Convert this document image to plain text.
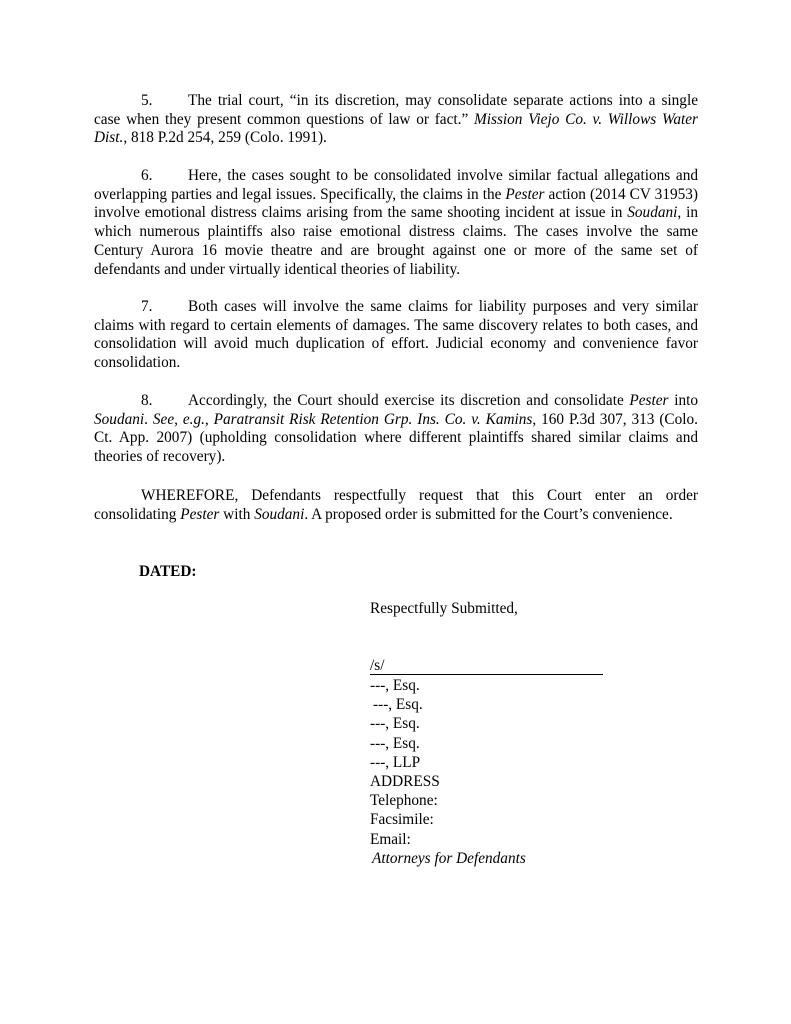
5. The trial court, “in its discretion, may consolidate separate actions into a single case when they present common questions of law or fact.” Mission Viejo Co. v. Willows Water Dist., 818 P.2d 254, 259 (Colo. 1991).

6. Here, the cases sought to be consolidated involve similar factual allegations and overlapping parties and legal issues. Specifically, the claims in the Pester action (2014 CV 31953) involve emotional distress claims arising from the same shooting incident at issue in Soudani, in which numerous plaintiffs also raise emotional distress claims. The cases involve the same Century Aurora 16 movie theatre and are brought against one or more of the same set of defendants and under virtually identical theories of liability.

7. Both cases will involve the same claims for liability purposes and very similar claims with regard to certain elements of damages. The same discovery relates to both cases, and consolidation will avoid much duplication of effort. Judicial economy and convenience favor consolidation.

8. Accordingly, the Court should exercise its discretion and consolidate Pester into Soudani. See, e.g., Paratransit Risk Retention Grp. Ins. Co. v. Kamins, 160 P.3d 307, 313 (Colo. Ct. App. 2007) (upholding consolidation where different plaintiffs shared similar claims and theories of recovery).

WHEREFORE, Defendants respectfully request that this Court enter an order consolidating Pester with Soudani. A proposed order is submitted for the Court’s convenience.

DATED:

Respectfully Submitted,
/s/
---, Esq.
---, Esq.
---, Esq.
---, Esq.
---, LLP
ADDRESS
Telephone:
Facsimile:
Email:
Attorneys for Defendants
